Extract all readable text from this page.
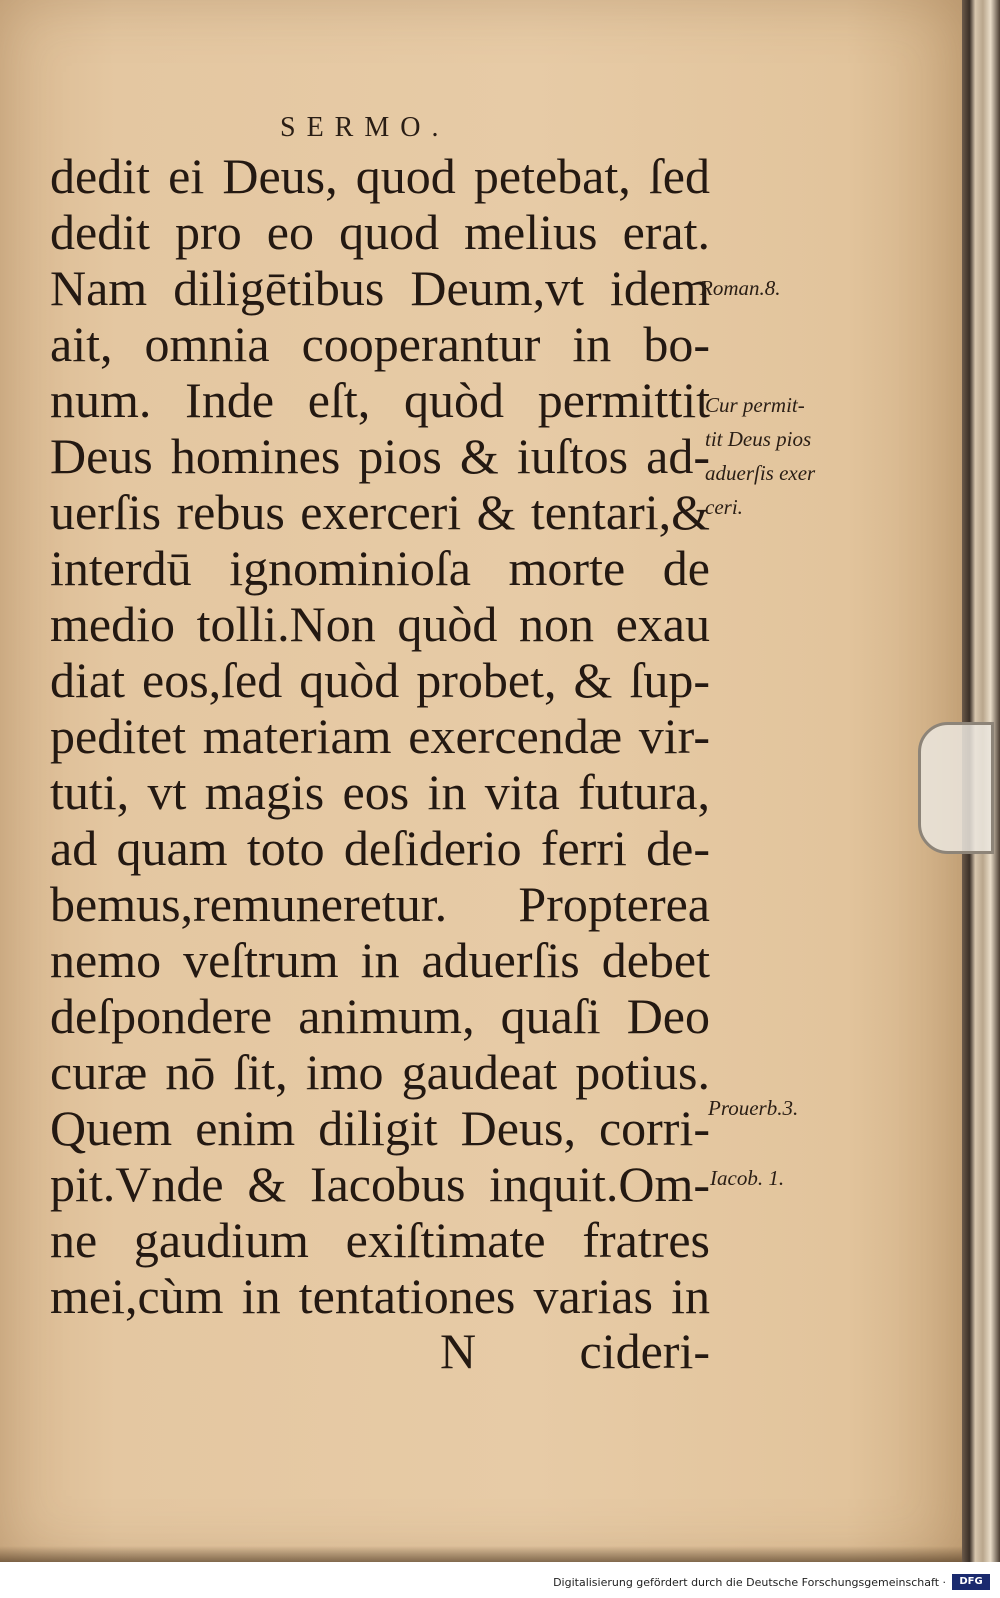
SERMO.
dedit ei Deus, quod petebat, ſed
dedit pro eo quod melius erat.
Nam diligētibus Deum,vt idem
ait, omnia cooperantur in bo-
num. Inde eſt, quòd permittit
Deus homines pios & iuſtos ad-
uerſis rebus exerceri & tentari,&
interdū ignominioſa morte de
medio tolli.Non quòd non exau
diat eos,ſed quòd probet, & ſup-
peditet materiam exercendæ vir-
tuti, vt magis eos in vita futura,
ad quam toto deſiderio ferri de-
bemus,remuneretur. Propterea
nemo veſtrum in aduerſis debet
deſpondere animum, quaſi Deo
curæ nō ſit, imo gaudeat potius.
Quem enim diligit Deus, corri-
pit.Vnde & Iacobus inquit.Om-
ne gaudium exiſtimate fratres
mei,cùm in tentationes varias in
N cideri-
Roman.8.
Cur permit-
tit Deus pios
aduerſis exer
ceri.
Prouerb.3.
Iacob. 1.
Digitalisierung gefördert durch die Deutsche Forschungsgemeinschaft ·	DFG
